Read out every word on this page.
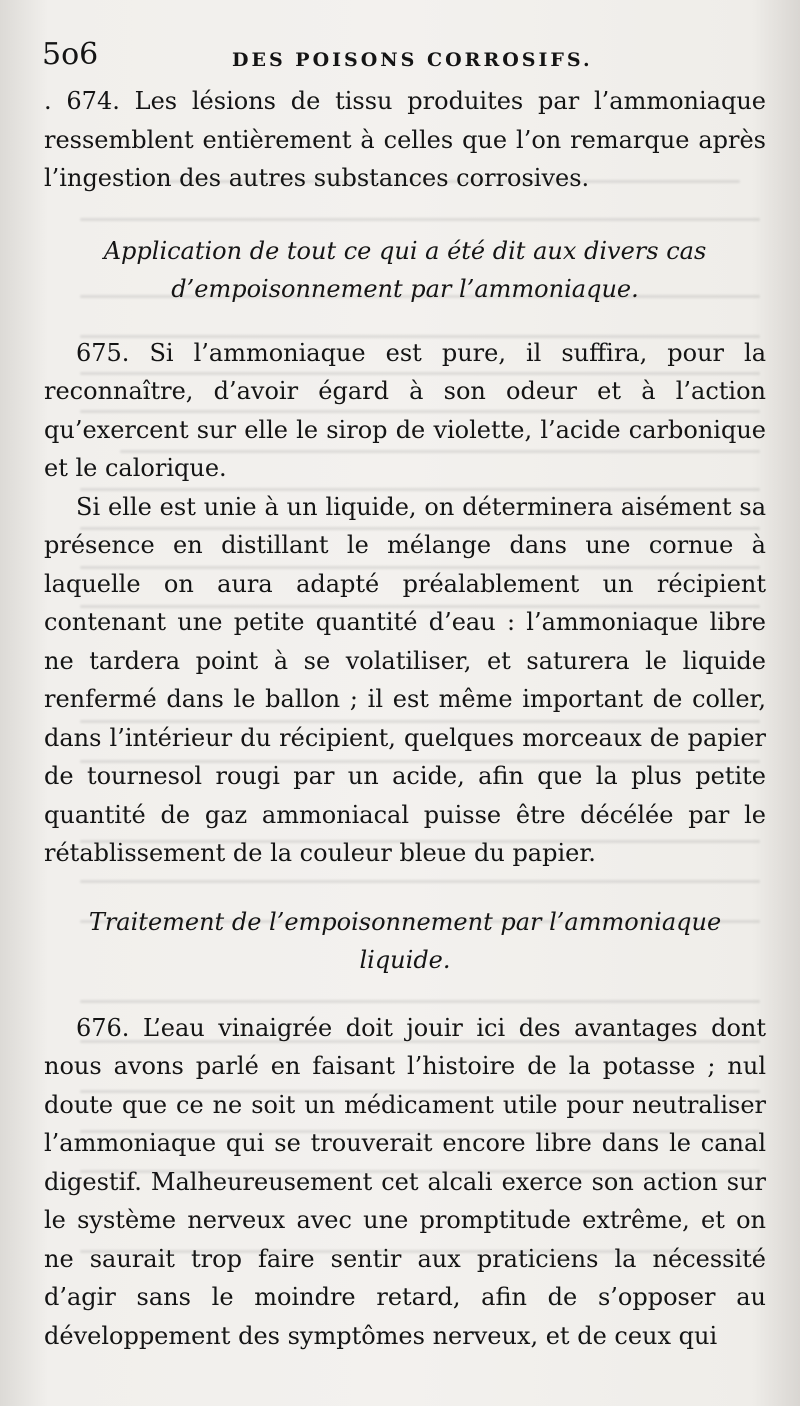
5o6	DES POISONS CORROSIFS.

. 674. Les lésions de tissu produites par l’ammoniaque ressemblent entièrement à celles que l’on remarque après l’ingestion des autres substances corrosives.

Application de tout ce qui a été dit aux divers cas
d’empoisonnement par l’ammoniaque.

675. Si l’ammoniaque est pure, il suffira, pour la reconnaître, d’avoir égard à son odeur et à l’action qu’exercent sur elle le sirop de violette, l’acide carbonique et le calorique.

Si elle est unie à un liquide, on déterminera aisément sa présence en distillant le mélange dans une cornue à laquelle on aura adapté préalablement un récipient contenant une petite quantité d’eau : l’ammoniaque libre ne tardera point à se volatiliser, et saturera le liquide renfermé dans le ballon ; il est même important de coller, dans l’intérieur du récipient, quelques morceaux de papier de tournesol rougi par un acide, afin que la plus petite quantité de gaz ammoniacal puisse être décélée par le rétablissement de la couleur bleue du papier.

Traitement de l’empoisonnement par l’ammoniaque
liquide.

676. L’eau vinaigrée doit jouir ici des avantages dont nous avons parlé en faisant l’histoire de la potasse ; nul doute que ce ne soit un médicament utile pour neutraliser l’ammoniaque qui se trouverait encore libre dans le canal digestif. Malheureusement cet alcali exerce son action sur le système nerveux avec une promptitude extrême, et on ne saurait trop faire sentir aux praticiens la nécessité d’agir sans le moindre retard, afin de s’opposer au développement des symptômes nerveux, et de ceux qui
